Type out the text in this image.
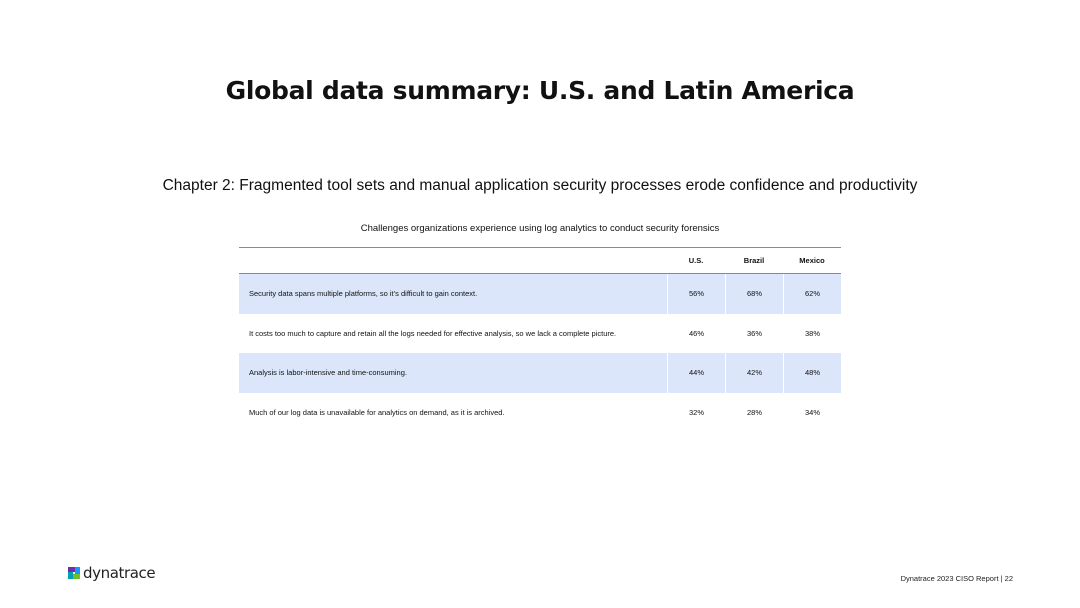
Global data summary: U.S. and Latin America
Chapter 2: Fragmented tool sets and manual application security processes erode confidence and productivity
Challenges organizations experience using log analytics to conduct security forensics
U.S.	Brazil	Mexico
Security data spans multiple platforms, so it’s difficult to gain context.	56%	68%	62%
It costs too much to capture and retain all the logs needed for effective analysis, so we lack a complete picture.	46%	36%	38%
Analysis is labor-intensive and time-consuming.	44%	42%	48%
Much of our log data is unavailable for analytics on demand, as it is archived.	32%	28%	34%
dynatrace	Dynatrace 2023 CISO Report | 22
